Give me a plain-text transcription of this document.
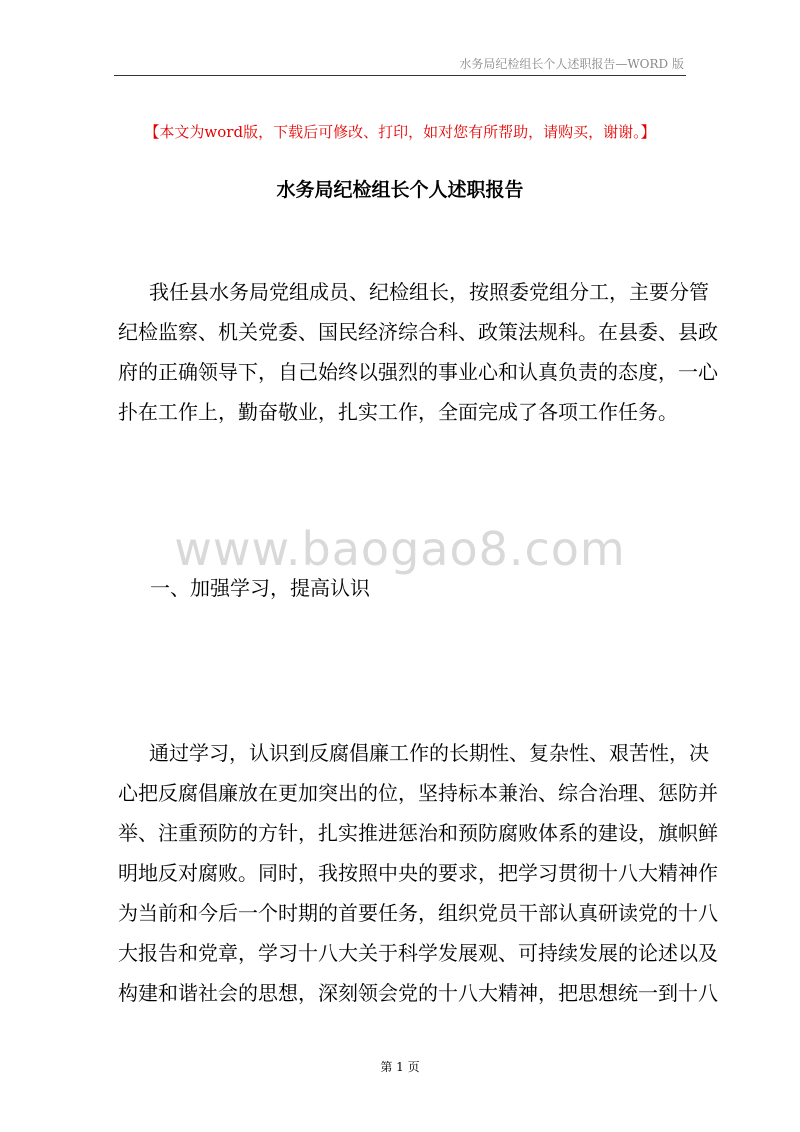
水务局纪检组长个人述职报告—WORD 版
【本文为word版，下载后可修改、打印，如对您有所帮助，请购买，谢谢。】
水务局纪检组长个人述职报告

我任县水务局党组成员、纪检组长，按照委党组分工，主要分管
纪检监察、机关党委、国民经济综合科、政策法规科。在县委、县政
府的正确领导下，自己始终以强烈的事业心和认真负责的态度，一心
扑在工作上，勤奋敬业，扎实工作，全面完成了各项工作任务。

www.baogao8.com
一、加强学习，提高认识

通过学习，认识到反腐倡廉工作的长期性、复杂性、艰苦性，决
心把反腐倡廉放在更加突出的位，坚持标本兼治、综合治理、惩防并
举、注重预防的方针，扎实推进惩治和预防腐败体系的建设，旗帜鲜
明地反对腐败。同时，我按照中央的要求，把学习贯彻十八大精神作
为当前和今后一个时期的首要任务，组织党员干部认真研读党的十八
大报告和党章，学习十八大关于科学发展观、可持续发展的论述以及
构建和谐社会的思想，深刻领会党的十八大精神，把思想统一到十八

第 1 页
